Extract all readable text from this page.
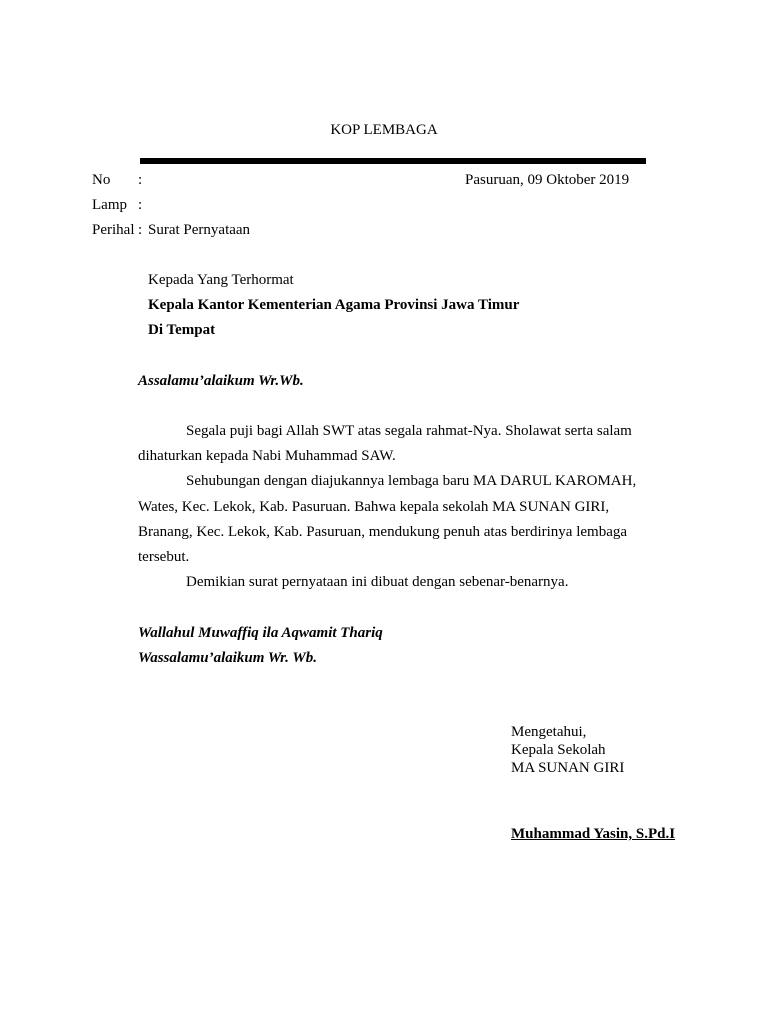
KOP LEMBAGA
No :	Pasuruan, 09 Oktober 2019
Lamp :
Perihal : Surat Pernyataan
Kepada Yang Terhormat
Kepala Kantor Kementerian Agama Provinsi Jawa Timur
Di Tempat
Assalamu’alaikum Wr.Wb.
Segala puji bagi Allah SWT atas segala rahmat-Nya. Sholawat serta salam
dihaturkan kepada Nabi Muhammad SAW.
Sehubungan dengan diajukannya lembaga baru MA DARUL KAROMAH,
Wates, Kec. Lekok, Kab. Pasuruan. Bahwa kepala sekolah MA SUNAN GIRI,
Branang, Kec. Lekok, Kab. Pasuruan, mendukung penuh atas berdirinya lembaga
tersebut.
Demikian surat pernyataan ini dibuat dengan sebenar-benarnya.
Wallahul Muwaffiq ila Aqwamit Thariq
Wassalamu’alaikum Wr. Wb.
Mengetahui,
Kepala Sekolah
MA SUNAN GIRI
Muhammad Yasin, S.Pd.I
